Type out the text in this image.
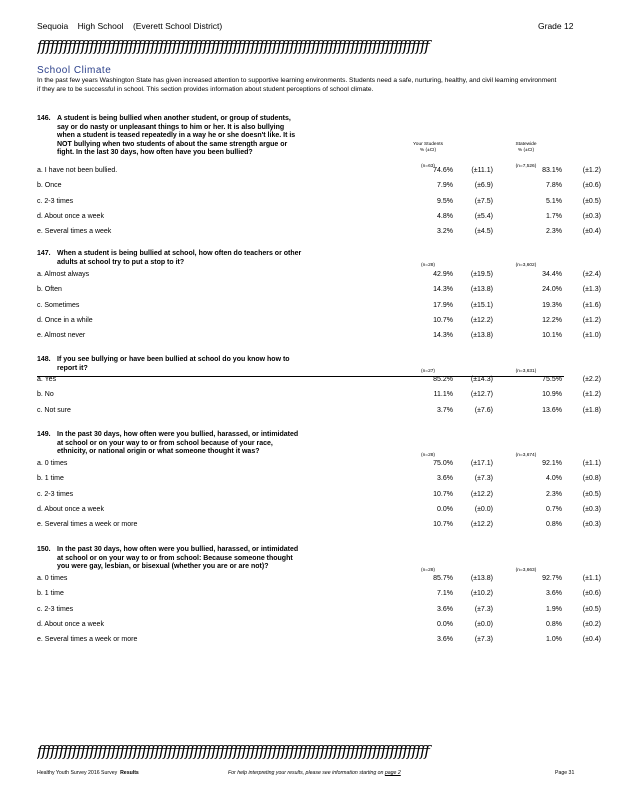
Sequoia High School (Everett School District)	Grade 12
ffffffffffffffffffffffffffffffffffffffffffffffffffffffffffffffffffffffffffffffffffffffffff
School Climate
In the past few years Washington State has given increased attention to supportive learning environments. Students need a safe, nurturing, healthy, and civil learning environment if they are to be successful in school. This section provides information about student perceptions of school climate.
Your Students
% (±CI)
Statewide
% (±CI)
146. A student is being bullied when another student, or group of students,
say or do nasty or unpleasant things to him or her. It is also bullying
when a student is teased repeatedly in a way he or she doesn't like. It is
NOT bullying when two students of about the same strength argue or
fight. In the last 30 days, how often have you been bullied?
(n=63)	(n=7,526)
a. I have not been bullied.	74.6%	(±11.1)	83.1%	(±1.2)
b. Once	7.9%	(±6.9)	7.8%	(±0.6)
c. 2-3 times	9.5%	(±7.5)	5.1%	(±0.5)
d. About once a week	4.8%	(±5.4)	1.7%	(±0.3)
e. Several times a week	3.2%	(±4.5)	2.3%	(±0.4)
147. When a student is being bullied at school, how often do teachers or other
adults at school try to put a stop to it?	(n=28)	(n=3,602)
a. Almost always	42.9%	(±19.5)	34.4%	(±2.4)
b. Often	14.3%	(±13.8)	24.0%	(±1.3)
c. Sometimes	17.9%	(±15.1)	19.3%	(±1.6)
d. Once in a while	10.7%	(±12.2)	12.2%	(±1.2)
e. Almost never	14.3%	(±13.8)	10.1%	(±1.0)
148. If you see bullying or have been bullied at school do you know how to
report it?	(n=27)	(n=3,631)
a. Yes	85.2%	(±14.3)	75.5%	(±2.2)
b. No	11.1%	(±12.7)	10.9%	(±1.2)
c. Not sure	3.7%	(±7.6)	13.6%	(±1.8)
149. In the past 30 days, how often were you bullied, harassed, or intimidated
at school or on your way to or from school because of your race,
ethnicity, or national origin or what someone thought it was?
(n=28)	(n=3,674)
a. 0 times	75.0%	(±17.1)	92.1%	(±1.1)
b. 1 time	3.6%	(±7.3)	4.0%	(±0.8)
c. 2-3 times	10.7%	(±12.2)	2.3%	(±0.5)
d. About once a week	0.0%	(±0.0)	0.7%	(±0.3)
e. Several times a week or more	10.7%	(±12.2)	0.8%	(±0.3)
150. In the past 30 days, how often were you bullied, harassed, or intimidated
at school or on your way to or from school: Because someone thought
you were gay, lesbian, or bisexual (whether you are or are not)?
(n=28)	(n=3,663)
a. 0 times	85.7%	(±13.8)	92.7%	(±1.1)
b. 1 time	7.1%	(±10.2)	3.6%	(±0.6)
c. 2-3 times	3.6%	(±7.3)	1.9%	(±0.5)
d. About once a week	0.0%	(±0.0)	0.8%	(±0.2)
e. Several times a week or more	3.6%	(±7.3)	1.0%	(±0.4)
ffffffffffffffffffffffffffffffffffffffffffffffffffffffffffffffffffffffffffffffffffffffffff
Healthy Youth Survey 2016 Survey Results	For help interpreting your results, please see information starting on page 2	Page 31
